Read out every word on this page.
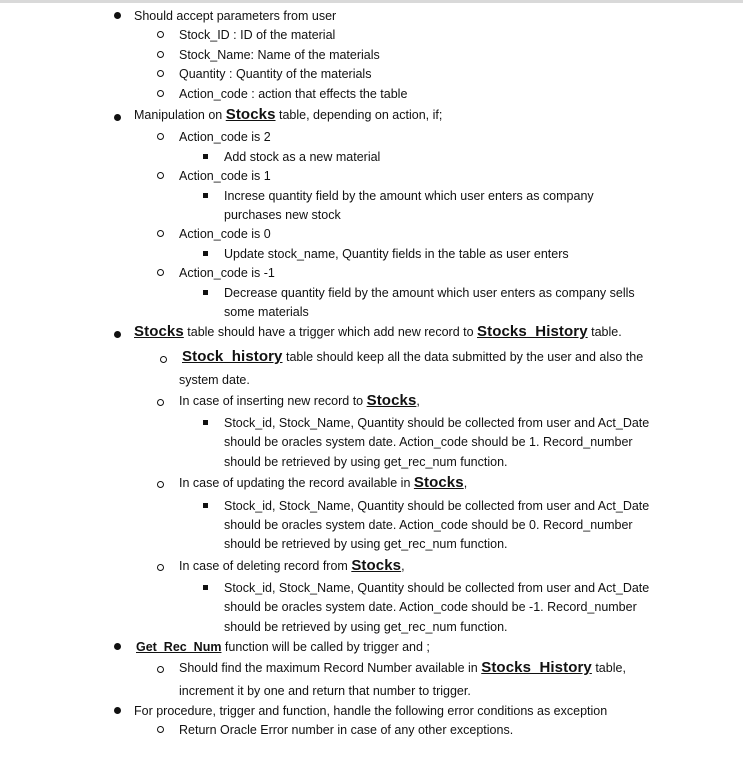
Should accept parameters from user
Stock_ID : ID of the material
Stock_Name: Name of the materials
Quantity : Quantity of the materials
Action_code : action that effects the table
Manipulation on Stocks table, depending on action, if;
Action_code is 2
Add stock as a new material
Action_code is 1
Increse quantity field by the amount which user enters as company
purchases new stock
Action_code is 0
Update stock_name, Quantity fields in the table as user enters
Action_code is -1
Decrease quantity field by the amount which user enters as company sells
some materials
Stocks table should have a trigger which add new record to Stocks_History table.
Stock_history table should keep all the data submitted by the user and also the
system date.
In case of inserting new record to Stocks,
Stock_id, Stock_Name, Quantity should be collected from user and Act_Date
should be oracles system date. Action_code should be 1. Record_number
should be retrieved by using get_rec_num function.
In case of updating the record available in Stocks,
Stock_id, Stock_Name, Quantity should be collected from user and Act_Date
should be oracles system date. Action_code should be 0. Record_number
should be retrieved by using get_rec_num function.
In case of deleting record from Stocks,
Stock_id, Stock_Name, Quantity should be collected from user and Act_Date
should be oracles system date. Action_code should be -1. Record_number
should be retrieved by using get_rec_num function.
Get_Rec_Num function will be called by trigger and ;
Should find the maximum Record Number available in Stocks_History table,
increment it by one and return that number to trigger.
For procedure, trigger and function, handle the following error conditions as exception
Return Oracle Error number in case of any other exceptions.
